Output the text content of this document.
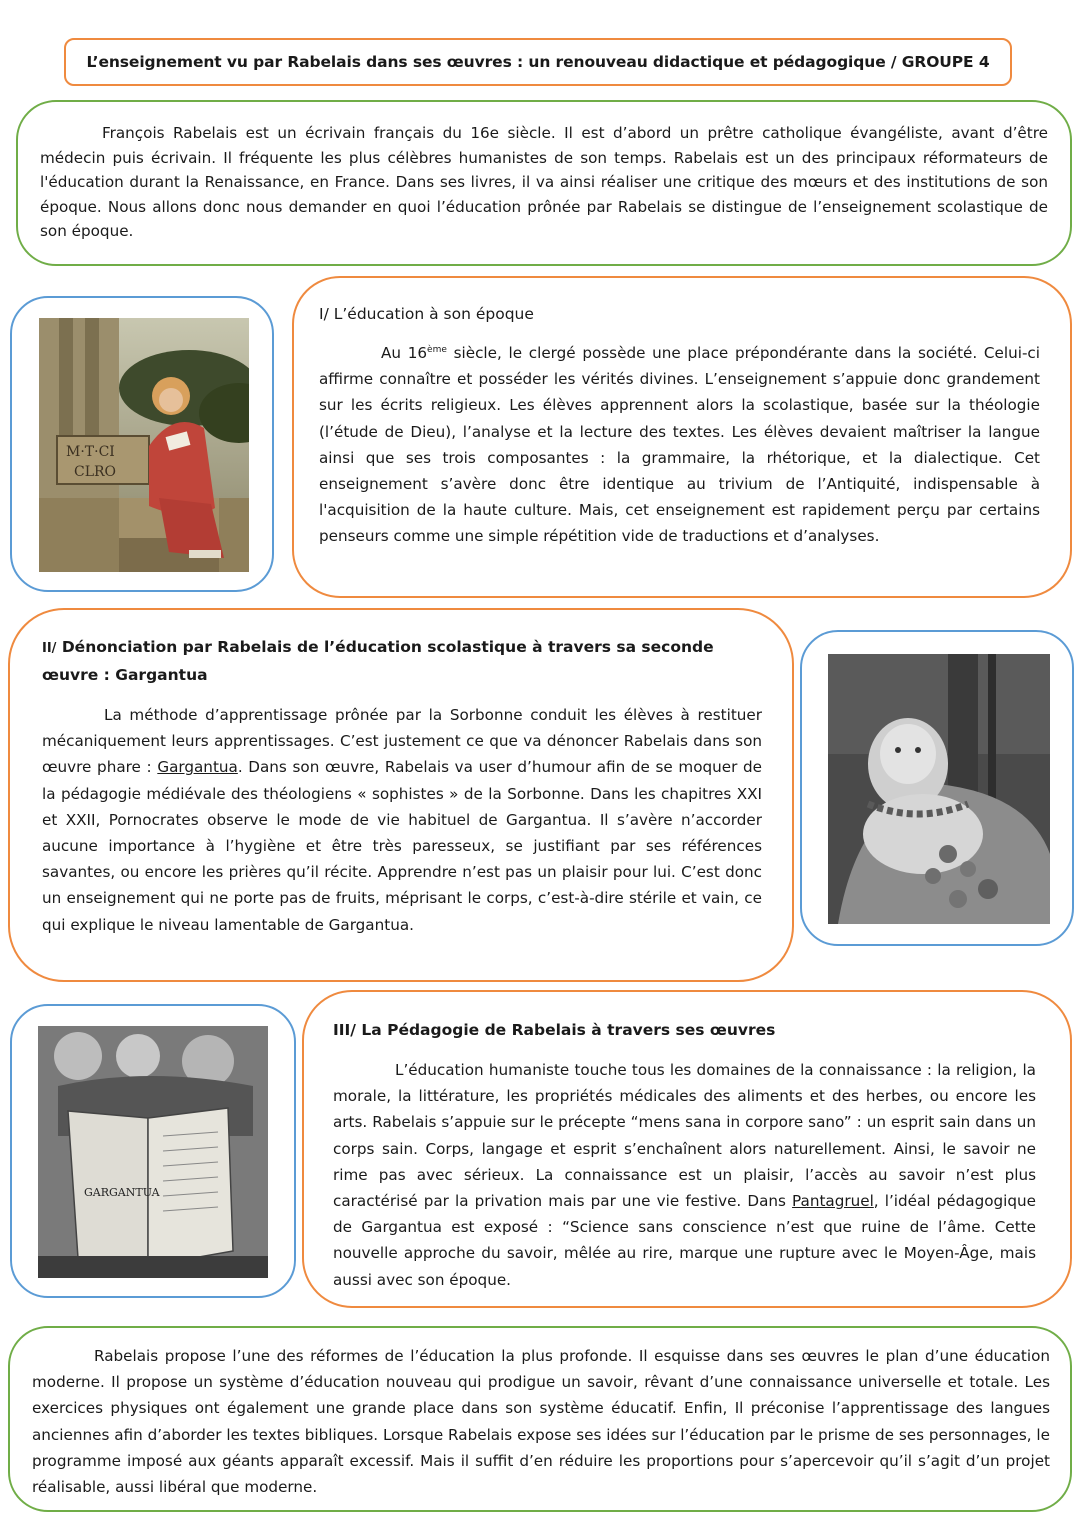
L’enseignement vu par Rabelais dans ses œuvres : un renouveau didactique et pédagogique / GROUPE 4

François Rabelais est un écrivain français du 16e siècle. Il est d’abord un prêtre catholique évangéliste, avant d’être médecin puis écrivain. Il fréquente les plus célèbres humanistes de son temps. Rabelais est un des principaux réformateurs de l'éducation durant la Renaissance, en France. Dans ses livres, il va ainsi réaliser une critique des mœurs et des institutions de son époque. Nous allons donc nous demander en quoi l’éducation prônée par Rabelais se distingue de l’enseignement scolastique de son époque.

M·T·CI
CLRO

I/ L’éducation à son époque

Au 16ème siècle, le clergé possède une place prépondérante dans la société. Celui-ci affirme connaître et posséder les vérités divines. L’enseignement s’appuie donc grandement sur les écrits religieux. Les élèves apprennent alors la scolastique, basée sur la théologie (l’étude de Dieu), l’analyse et la lecture des textes. Les élèves devaient maîtriser la langue ainsi que ses trois composantes : la grammaire, la rhétorique, et la dialectique. Cet enseignement s’avère donc être identique au trivium de l’Antiquité, indispensable à l'acquisition de la haute culture. Mais, cet enseignement est rapidement perçu par certains penseurs comme une simple répétition vide de traductions et d’analyses.

II/ Dénonciation par Rabelais de l’éducation scolastique à travers sa seconde œuvre : Gargantua

La méthode d’apprentissage prônée par la Sorbonne conduit les élèves à restituer mécaniquement leurs apprentissages. C’est justement ce que va dénoncer Rabelais dans son œuvre phare : Gargantua. Dans son œuvre, Rabelais va user d’humour afin de se moquer de la pédagogie médiévale des théologiens « sophistes » de la Sorbonne. Dans les chapitres XXI et XXII, Pornocrates observe le mode de vie habituel de Gargantua. Il s’avère n’accorder aucune importance à l’hygiène et être très paresseux, se justifiant par ses références savantes, ou encore les prières qu’il récite. Apprendre n’est pas un plaisir pour lui. C’est donc un enseignement qui ne porte pas de fruits, méprisant le corps, c’est-à-dire stérile et vain, ce qui explique le niveau lamentable de Gargantua.

GARGANTUA

III/ La Pédagogie de Rabelais à travers ses œuvres

L’éducation humaniste touche tous les domaines de la connaissance : la religion, la morale, la littérature, les propriétés médicales des aliments et des herbes, ou encore les arts. Rabelais s’appuie sur le précepte “mens sana in corpore sano” : un esprit sain dans un corps sain. Corps, langage et esprit s’enchaînent alors naturellement. Ainsi, le savoir ne rime pas avec sérieux. La connaissance est un plaisir, l’accès au savoir n’est plus caractérisé par la privation mais par une vie festive. Dans Pantagruel, l’idéal pédagogique de Gargantua est exposé : “Science sans conscience n’est que ruine de l’âme. Cette nouvelle approche du savoir, mêlée au rire, marque une rupture avec le Moyen-Âge, mais aussi avec son époque.

Rabelais propose l’une des réformes de l’éducation la plus profonde. Il esquisse dans ses œuvres le plan d’une éducation moderne. Il propose un système d’éducation nouveau qui prodigue un savoir, rêvant d’une connaissance universelle et totale. Les exercices physiques ont également une grande place dans son système éducatif. Enfin, Il préconise l’apprentissage des langues anciennes afin d’aborder les textes bibliques. Lorsque Rabelais expose ses idées sur l’éducation par le prisme de ses personnages, le programme imposé aux géants apparaît excessif. Mais il suffit d’en réduire les proportions pour s’apercevoir qu’il s’agit d’un projet réalisable, aussi libéral que moderne.
